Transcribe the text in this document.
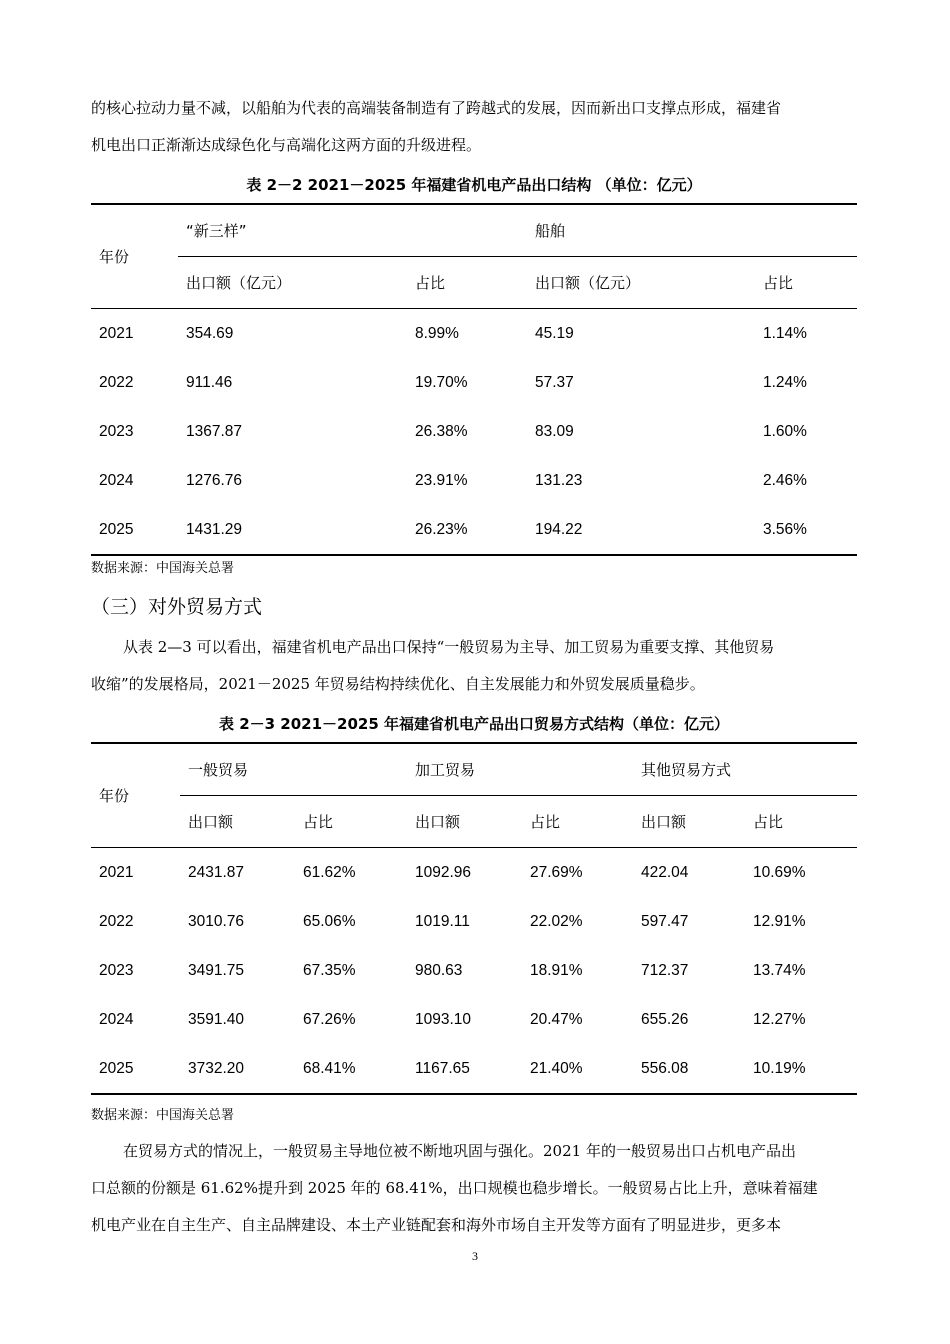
的核心拉动力量不减，以船舶为代表的高端装备制造有了跨越式的发展，因而新出口支撑点形成，福建省
机电出口正渐渐达成绿色化与高端化这两方面的升级进程。

表 2－2 2021－2025 年福建省机电产品出口结构 （单位：亿元）
年份	“新三样”		船舶	
	出口额（亿元）	占比	出口额（亿元）	占比
2021	354.69	8.99%	45.19	1.14%
2022	911.46	19.70%	57.37	1.24%
2023	1367.87	26.38%	83.09	1.60%
2024	1276.76	23.91%	131.23	2.46%
2025	1431.29	26.23%	194.22	3.56%
数据来源：中国海关总署
（三）对外贸易方式

从表 2—3 可以看出，福建省机电产品出口保持“一般贸易为主导、加工贸易为重要支撑、其他贸易
收缩”的发展格局，2021－2025 年贸易结构持续优化、自主发展能力和外贸发展质量稳步。

表 2－3 2021－2025 年福建省机电产品出口贸易方式结构（单位：亿元）
年份	一般贸易		加工贸易		其他贸易方式	
	出口额	占比	出口额	占比	出口额	占比
2021	2431.87	61.62%	1092.96	27.69%	422.04	10.69%
2022	3010.76	65.06%	1019.11	22.02%	597.47	12.91%
2023	3491.75	67.35%	980.63	18.91%	712.37	13.74%
2024	3591.40	67.26%	1093.10	20.47%	655.26	12.27%
2025	3732.20	68.41%	1167.65	21.40%	556.08	10.19%
数据来源：中国海关总署

在贸易方式的情况上，一般贸易主导地位被不断地巩固与强化。2021 年的一般贸易出口占机电产品出
口总额的份额是 61.62%提升到 2025 年的 68.41%，出口规模也稳步增长。一般贸易占比上升，意味着福建
机电产业在自主生产、自主品牌建设、本土产业链配套和海外市场自主开发等方面有了明显进步，更多本

3
